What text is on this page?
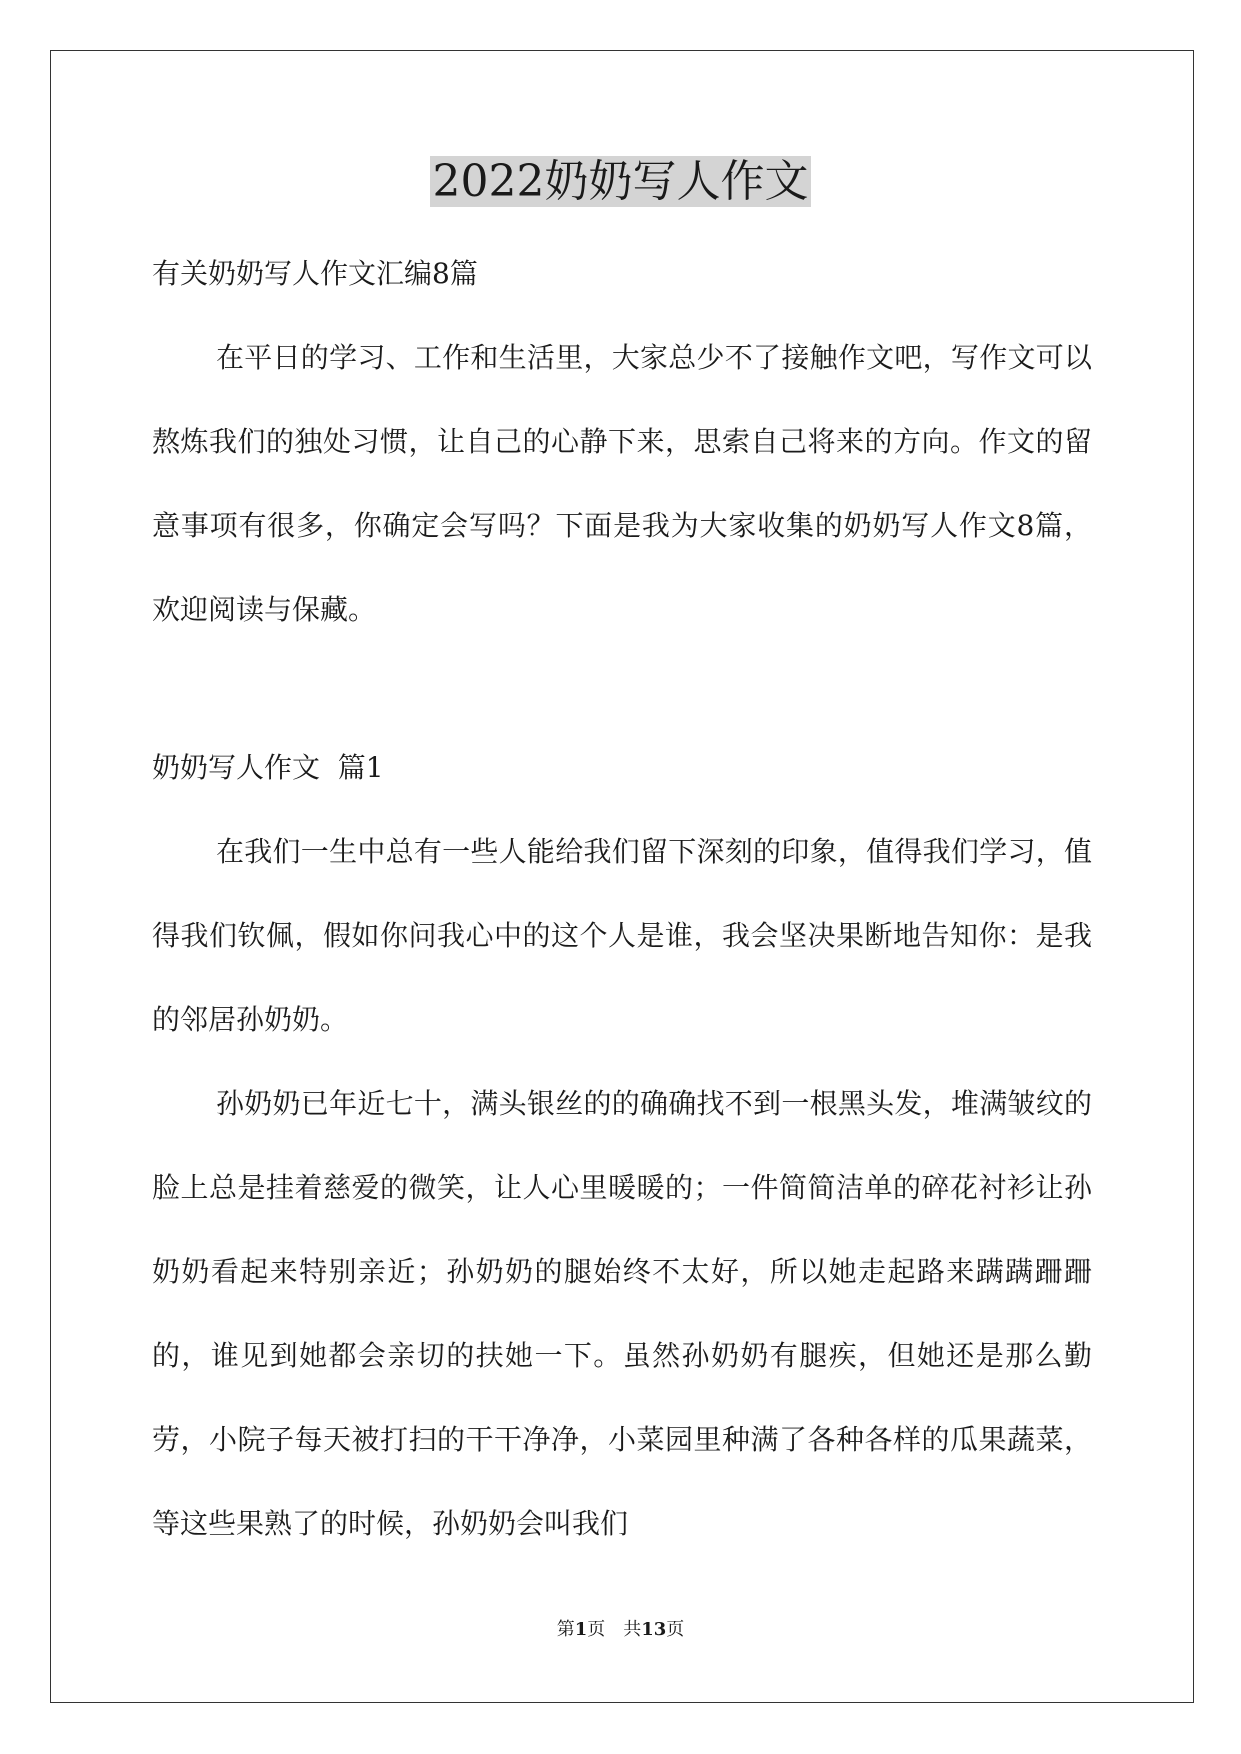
2022奶奶写人作文

有关奶奶写人作文汇编8篇

在平日的学习、工作和生活里，大家总少不了接触作文吧，写作文可以熬炼我们的独处习惯，让自己的心静下来，思索自己将来的方向。作文的留意事项有很多，你确定会写吗？下面是我为大家收集的奶奶写人作文8篇，欢迎阅读与保藏。

奶奶写人作文  篇1

在我们一生中总有一些人能给我们留下深刻的印象，值得我们学习，值得我们钦佩，假如你问我心中的这个人是谁，我会坚决果断地告知你：是我的邻居孙奶奶。

孙奶奶已年近七十，满头银丝的的确确找不到一根黑头发，堆满皱纹的脸上总是挂着慈爱的微笑，让人心里暖暖的；一件简简洁单的碎花衬衫让孙奶奶看起来特别亲近；孙奶奶的腿始终不太好，所以她走起路来蹒蹒跚跚的，谁见到她都会亲切的扶她一下。虽然孙奶奶有腿疾，但她还是那么勤劳，小院子每天被打扫的干干净净，小菜园里种满了各种各样的瓜果蔬菜，等这些果熟了的时候，孙奶奶会叫我们

第1页 共13页
